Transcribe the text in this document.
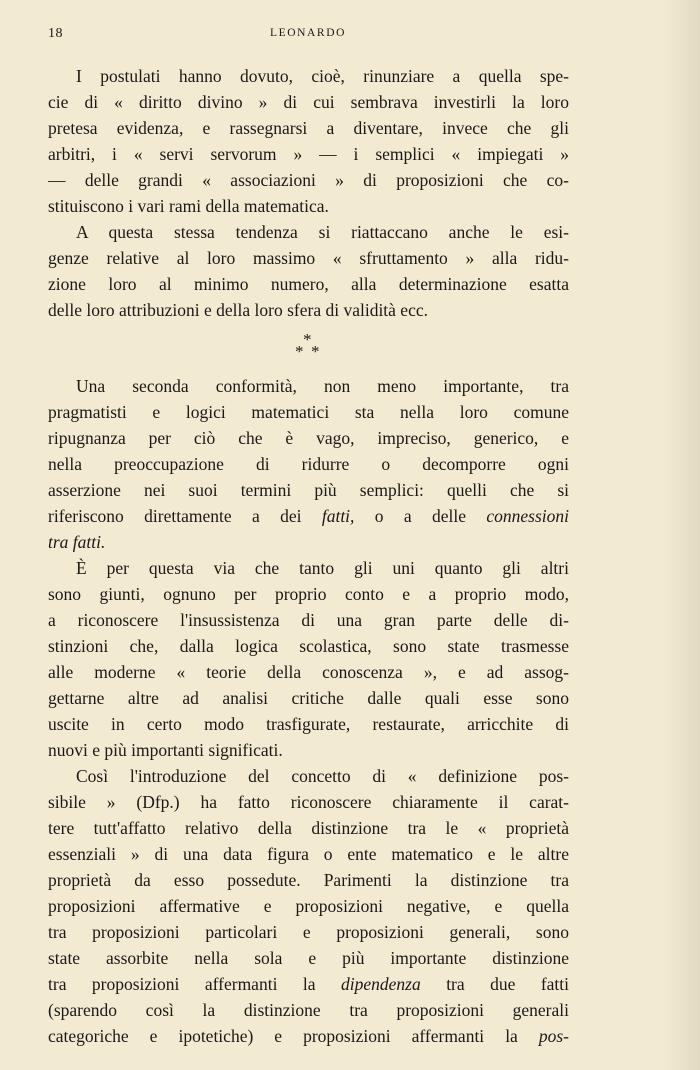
18	LEONARDO
I postulati hanno dovuto, cioè, rinunziare a quella spe-
cie di « diritto divino » di cui sembrava investirli la loro
pretesa evidenza, e rassegnarsi a diventare, invece che gli
arbitri, i « servi servorum » — i semplici « impiegati »
— delle grandi « associazioni » di proposizioni che co-
stituiscono i vari rami della matematica.
A questa stessa tendenza si riattaccano anche le esi-
genze relative al loro massimo « sfruttamento » alla ridu-
zione loro al minimo numero, alla determinazione esatta
delle loro attribuzioni e della loro sfera di validità ecc.
*
* *
Una seconda conformità, non meno importante, tra
pragmatisti e logici matematici sta nella loro comune
ripugnanza per ciò che è vago, impreciso, generico, e
nella preoccupazione di ridurre o decomporre ogni
asserzione nei suoi termini più semplici: quelli che si
riferiscono direttamente a dei fatti, o a delle connessioni
tra fatti.
È per questa via che tanto gli uni quanto gli altri
sono giunti, ognuno per proprio conto e a proprio modo,
a riconoscere l'insussistenza di una gran parte delle di-
stinzioni che, dalla logica scolastica, sono state trasmesse
alle moderne « teorie della conoscenza », e ad assog-
gettarne altre ad analisi critiche dalle quali esse sono
uscite in certo modo trasfigurate, restaurate, arricchite di
nuovi e più importanti significati.
Così l'introduzione del concetto di « definizione pos-
sibile » (Dfp.) ha fatto riconoscere chiaramente il carat-
tere tutt'affatto relativo della distinzione tra le « proprietà
essenziali » di una data figura o ente matematico e le altre
proprietà da esso possedute. Parimenti la distinzione tra
proposizioni affermative e proposizioni negative, e quella
tra proposizioni particolari e proposizioni generali, sono
state assorbite nella sola e più importante distinzione
tra proposizioni affermanti la dipendenza tra due fatti
(sparendo così la distinzione tra proposizioni generali
categoriche e ipotetiche) e proposizioni affermanti la pos-
